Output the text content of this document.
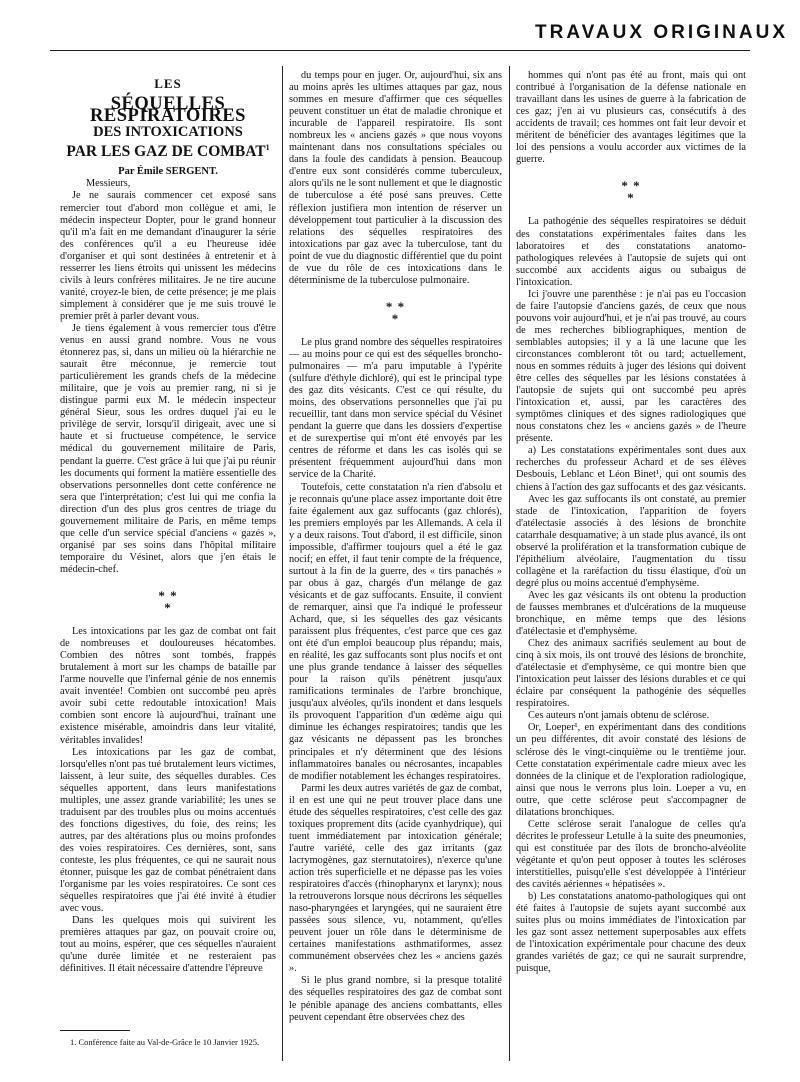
TRAVAUX ORIGINAUX
LES
SÉQUELLES RESPIRATOIRES
DES INTOXICATIONS
PAR LES GAZ DE COMBAT$^1$
Par Émile SERGENT.

Messieurs,

Je ne saurais commencer cet exposé sans remercier tout d'abord mon collègue et ami, le médecin inspecteur Dopter, pour le grand honneur qu'il m'a fait en me demandant d'inaugurer la série des conférences qu'il a eu l'heureuse idée d'organiser et qui sont destinées à entretenir et à resserrer les liens étroits qui unissent les médecins civils à leurs confrères militaires. Je ne tire aucune vanité, croyez-le bien, de cette présence; je me plais simplement à considérer que je me suis trouvé le premier prêt à parler devant vous.

Je tiens également à vous remercier tous d'être venus en aussi grand nombre. Vous ne vous étonnerez pas, si, dans un milieu où la hiérarchie ne saurait être méconnue, je remercie tout particulièrement les grands chefs de la médecine militaire, que je vois au premier rang, ni si je distingue parmi eux M. le médecin inspecteur général Sieur, sous les ordres duquel j'ai eu le privilège de servir, lorsqu'il dirigeait, avec une si haute et si fructueuse compétence, le service médical du gouvernement militaire de Paris, pendant la guerre. C'est grâce à lui que j'ai pu réunir les documents qui forment la matière essentielle des observations personnelles dont cette conférence ne sera que l'interprétation; c'est lui qui me confia la direction d'un des plus gros centres de triage du gouvernement militaire de Paris, en même temps que celle d'un service spécial d'anciens « gazés », organisé par ses soins dans l'hôpital militaire temporaire du Vésinet, alors que j'en étais le médecin-chef.

* *
*

Les intoxications par les gaz de combat ont fait de nombreuses et douloureuses hécatombes. Combien des nôtres sont tombés, frappés brutalement à mort sur les champs de bataille par l'arme nouvelle que l'infernal génie de nos ennemis avait inventée! Combien ont succombé peu après avoir subi cette redoutable intoxication! Mais combien sont encore là aujourd'hui, traînant une existence misérable, amoindris dans leur vitalité, véritables invalides!

Les intoxications par les gaz de combat, lorsqu'elles n'ont pas tué brutalement leurs victimes, laissent, à leur suite, des séquelles durables. Ces séquelles apportent, dans leurs manifestations multiples, une assez grande variabilité; les unes se traduisent par des troubles plus ou moins accentués des fonctions digestives, du foie, des reins; les autres, par des altérations plus ou moins profondes des voies respiratoires. Ces dernières, sont, sans conteste, les plus fréquentes, ce qui ne saurait nous étonner, puisque les gaz de combat pénétraient dans l'organisme par les voies respiratoires. Ce sont ces séquelles respiratoires que j'ai été invité à étudier avec vous.

Dans les quelques mois qui suivirent les premières attaques par gaz, on pouvait croire ou, tout au moins, espérer, que ces séquelles n'auraient qu'une durée limitée et ne resteraient pas définitives. Il était nécessaire d'attendre l'épreuve

1. Conférence faite au Val-de-Grâce le 10 Janvier 1925.

du temps pour en juger. Or, aujourd'hui, six ans au moins après les ultimes attaques par gaz, nous sommes en mesure d'affirmer que ces séquelles peuvent constituer un état de maladie chronique et incurable de l'appareil respiratoire. Ils sont nombreux les « anciens gazés » que nous voyons maintenant dans nos consultations spéciales ou dans la foule des candidats à pension. Beaucoup d'entre eux sont considérés comme tuberculeux, alors qu'ils ne le sont nullement et que le diagnostic de tuberculose a été posé sans preuves. Cette réflexion justifiera mon intention de réserver un développement tout particulier à la discussion des relations des séquelles respiratoires des intoxications par gaz avec la tuberculose, tant du point de vue du diagnostic différentiel que du point de vue du rôle de ces intoxications dans le déterminisme de la tuberculose pulmonaire.

* *
*

Le plus grand nombre des séquelles respiratoires — au moins pour ce qui est des séquelles broncho-pulmonaires — m'a paru imputable à l'ypérite (sulfure d'éthyle dichloré), qui est le principal type des gaz dits vésicants. C'est ce qui résulte, du moins, des observations personnelles que j'ai pu recueillir, tant dans mon service spécial du Vésinet pendant la guerre que dans les dossiers d'expertise et de surexpertise qui m'ont été envoyés par les centres de réforme et dans les cas isolés qui se présentent fréquemment aujourd'hui dans mon service de la Charité.

Toutefois, cette constatation n'a rien d'absolu et je reconnais qu'une place assez importante doit être faite également aux gaz suffocants (gaz chlorés), les premiers employés par les Allemands. A cela il y a deux raisons. Tout d'abord, il est difficile, sinon impossible, d'affirmer toujours quel a été le gaz nocif; en effet, il faut tenir compte de la fréquence, surtout à la fin de la guerre, des « tirs panachés » par obus à gaz, chargés d'un mélange de gaz vésicants et de gaz suffocants. Ensuite, il convient de remarquer, ainsi que l'a indiqué le professeur Achard, que, si les séquelles des gaz vésicants paraissent plus fréquentes, c'est parce que ces gaz ont été d'un emploi beaucoup plus répandu; mais, en réalité, les gaz suffocants sont plus nocifs et ont une plus grande tendance à laisser des séquelles pour la raison qu'ils pénètrent jusqu'aux ramifications terminales de l'arbre bronchique, jusqu'aux alvéoles, qu'ils inondent et dans lesquels ils provoquent l'apparition d'un œdème aigu qui diminue les échanges respiratoires; tandis que les gaz vésicants ne dépassent pas les bronches principales et n'y déterminent que des lésions inflammatoires banales ou nécrosantes, incapables de modifier notablement les échanges respiratoires.

Parmi les deux autres variétés de gaz de combat, il en est une qui ne peut trouver place dans une étude des séquelles respiratoires, c'est celle des gaz toxiques proprement dits (acide cyanhydrique), qui tuent immédiatement par intoxication générale; l'autre variété, celle des gaz irritants (gaz lacrymogènes, gaz sternutatoires), n'exerce qu'une action très superficielle et ne dépasse pas les voies respiratoires d'accès (rhinopharynx et larynx); nous la retrouverons lorsque nous décrirons les séquelles naso-pharyngées et laryngées, qui ne sauraient être passées sous silence, vu, notamment, qu'elles peuvent jouer un rôle dans le déterminisme de certaines manifestations asthmatiformes, assez communément observées chez les « anciens gazés ».

Si le plus grand nombre, si la presque totalité des séquelles respiratoires des gaz de combat sont le pénible apanage des anciens combattants, elles peuvent cependant être observées chez des

hommes qui n'ont pas été au front, mais qui ont contribué à l'organisation de la défense nationale en travaillant dans les usines de guerre à la fabrication de ces gaz; j'en ai vu plusieurs cas, consécutifs à des accidents de travail; ces hommes ont fait leur devoir et méritent de bénéficier des avantages légitimes que la loi des pensions a voulu accorder aux victimes de la guerre.

* *
*

La pathogénie des séquelles respiratoires se déduit des constatations expérimentales faites dans les laboratoires et des constatations anatomo-pathologiques relevées à l'autopsie de sujets qui ont succombé aux accidents aigus ou subaigus de l'intoxication.

Ici j'ouvre une parenthèse : je n'ai pas eu l'occasion de faire l'autopsie d'anciens gazés, de ceux que nous pouvons voir aujourd'hui, et je n'ai pas trouvé, au cours de mes recherches bibliographiques, mention de semblables autopsies; il y a là une lacune que les circonstances combleront tôt ou tard; actuellement, nous en sommes réduits à juger des lésions qui doivent être celles des séquelles par les lésions constatées à l'autopsie de sujets qui ont succombé peu après l'intoxication et, aussi, par les caractères des symptômes cliniques et des signes radiologiques que nous constatons chez les « anciens gazés » de l'heure présente.

a) Les constatations expérimentales sont dues aux recherches du professeur Achard et de ses élèves Desbouis, Leblanc et Léon Binet¹, qui ont soumis des chiens à l'action des gaz suffocants et des gaz vésicants.

Avec les gaz suffocants ils ont constaté, au premier stade de l'intoxication, l'apparition de foyers d'atélectasie associés à des lésions de bronchite catarrhale desquamative; à un stade plus avancé, ils ont observé la prolifération et la transformation cubique de l'épithélium alvéolaire, l'augmentation du tissu collagène et la raréfaction du tissu élastique, d'où un degré plus ou moins accentué d'emphysème.

Avec les gaz vésicants ils ont obtenu la production de fausses membranes et d'ulcérations de la muqueuse bronchique, en même temps que des lésions d'atélectasie et d'emphysème.

Chez des animaux sacrifiés seulement au bout de cinq à six mois, ils ont trouvé des lésions de bronchite, d'atélectasie et d'emphysème, ce qui montre bien que l'intoxication peut laisser des lésions durables et ce qui éclaire par conséquent la pathogénie des séquelles respiratoires.

Ces auteurs n'ont jamais obtenu de sclérose.

Or, Loeper¹, en expérimentant dans des conditions un peu différentes, dit avoir constaté des lésions de sclérose dès le vingt-cinquième ou le trentième jour. Cette constatation expérimentale cadre mieux avec les données de la clinique et de l'exploration radiologique, ainsi que nous le verrons plus loin. Loeper a vu, en outre, que cette sclérose peut s'accompagner de dilatations bronchiques.

Cette sclérose serait l'analogue de celles qu'a décrites le professeur Letulle à la suite des pneumonies, qui est constituée par des îlots de broncho-alvéolite végétante et qu'on peut opposer à toutes les scléroses interstitielles, puisqu'elle s'est développée à l'intérieur des cavités aériennes « hépatisées ».

b) Les constatations anatomo-pathologiques qui ont été faites à l'autopsie de sujets ayant succombé aux suites plus ou moins immédiates de l'intoxication par les gaz sont assez nettement superposables aux effets de l'intoxication expérimentale pour chacune des deux grandes variétés de gaz; ce qui ne saurait surprendre, puisque,
